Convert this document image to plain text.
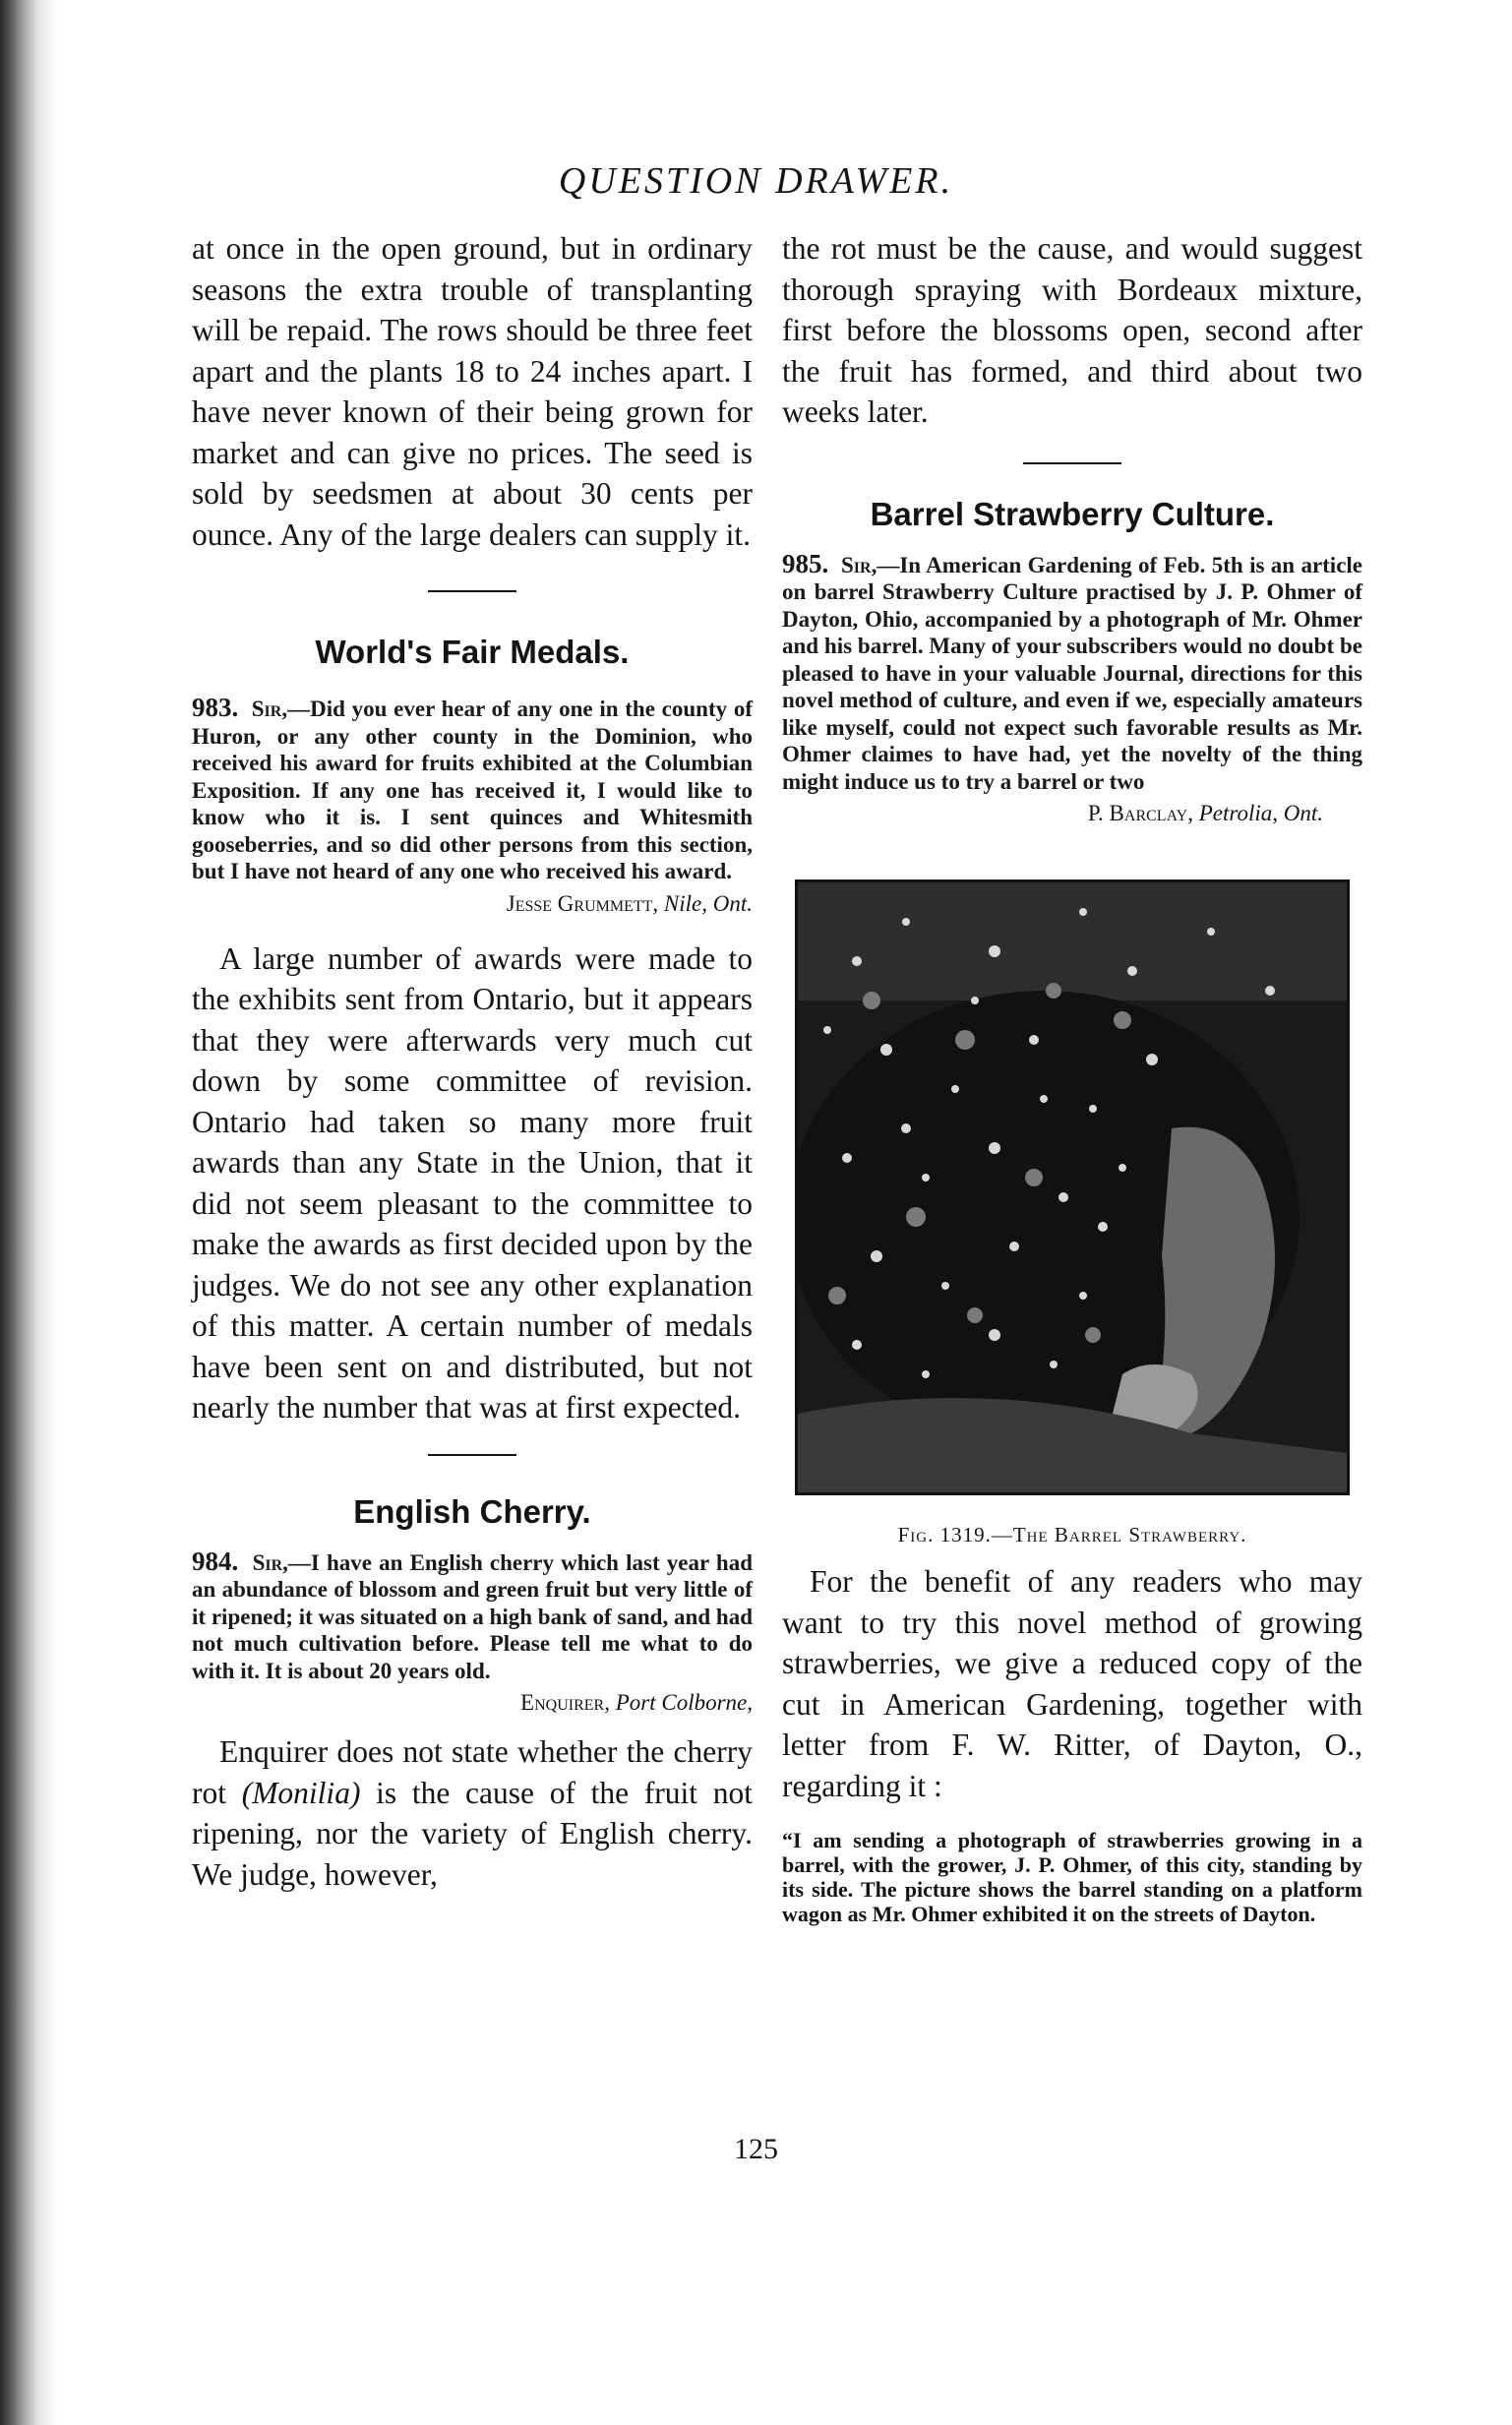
QUESTION DRAWER.

at once in the open ground, but in ordinary seasons the extra trouble of transplanting will be repaid. The rows should be three feet apart and the plants 18 to 24 inches apart. I have never known of their being grown for market and can give no prices. The seed is sold by seedsmen at about 30 cents per ounce. Any of the large dealers can supply it.

World's Fair Medals.

983. Sir,—Did you ever hear of any one in the county of Huron, or any other county in the Dominion, who received his award for fruits exhibited at the Columbian Exposition. If any one has received it, I would like to know who it is. I sent quinces and Whitesmith gooseberries, and so did other persons from this section, but I have not heard of any one who received his award.

Jesse Grummett, Nile, Ont.

A large number of awards were made to the exhibits sent from Ontario, but it appears that they were afterwards very much cut down by some committee of revision. Ontario had taken so many more fruit awards than any State in the Union, that it did not seem pleasant to the committee to make the awards as first decided upon by the judges. We do not see any other explanation of this matter. A certain number of medals have been sent on and distributed, but not nearly the number that was at first expected.

English Cherry.

984. Sir,—I have an English cherry which last year had an abundance of blossom and green fruit but very little of it ripened; it was situated on a high bank of sand, and had not much cultivation before. Please tell me what to do with it. It is about 20 years old.

Enquirer, Port Colborne,

Enquirer does not state whether the cherry rot (Monilia) is the cause of the fruit not ripening, nor the variety of English cherry. We judge, however,

the rot must be the cause, and would suggest thorough spraying with Bordeaux mixture, first before the blossoms open, second after the fruit has formed, and third about two weeks later.

Barrel Strawberry Culture.

985. Sir,—In American Gardening of Feb. 5th is an article on barrel Strawberry Culture practised by J. P. Ohmer of Dayton, Ohio, accompanied by a photograph of Mr. Ohmer and his barrel. Many of your subscribers would no doubt be pleased to have in your valuable Journal, directions for this novel method of culture, and even if we, especially amateurs like myself, could not expect such favorable results as Mr. Ohmer claimes to have had, yet the novelty of the thing might induce us to try a barrel or two

P. Barclay, Petrolia, Ont.

Fig. 1319.—The Barrel Strawberry.

For the benefit of any readers who may want to try this novel method of growing strawberries, we give a reduced copy of the cut in American Gardening, together with letter from F. W. Ritter, of Dayton, O., regarding it :

“I am sending a photograph of strawberries growing in a barrel, with the grower, J. P. Ohmer, of this city, standing by its side. The picture shows the barrel standing on a platform wagon as Mr. Ohmer exhibited it on the streets of Dayton.

125
